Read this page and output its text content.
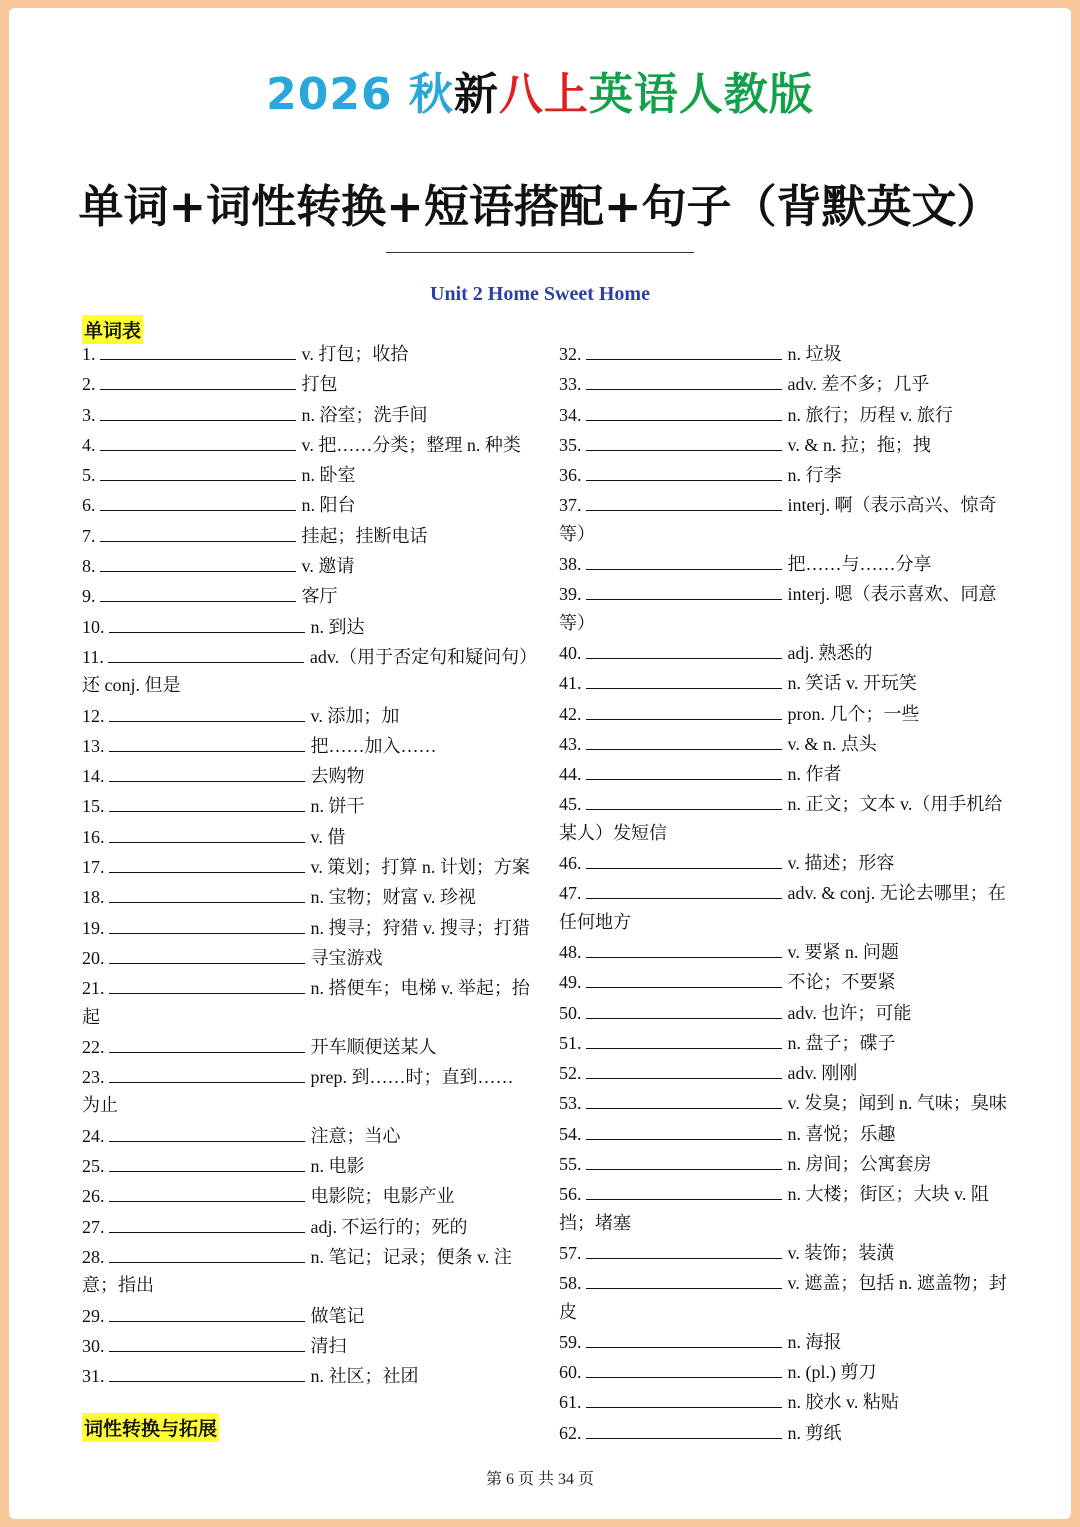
2026 秋新八上英语人教版
单词+词性转换+短语搭配+句子（背默英文）
Unit 2 Home Sweet Home
单词表

1.	v. 打包；收拾

2.	打包

3.	n. 浴室；洗手间

4.	v. 把……分类；整理 n. 种类

5.	n. 卧室

6.	n. 阳台

7.	挂起；挂断电话

8.	v. 邀请

9.	客厅

10.	n. 到达

11.	adv.（用于否定句和疑问句）还 conj. 但是

12.	v. 添加；加

13.	把……加入……

14.	去购物

15.	n. 饼干

16.	v. 借

17.	v. 策划；打算 n. 计划；方案

18.	n. 宝物；财富 v. 珍视

19.	n. 搜寻；狩猎 v. 搜寻；打猎

20.	寻宝游戏

21.	n. 搭便车；电梯 v. 举起；抬起

22.	开车顺便送某人

23.	prep. 到……时；直到……为止

24.	注意；当心

25.	n. 电影

26.	电影院；电影产业

27.	adj. 不运行的；死的

28.	n. 笔记；记录；便条 v. 注意；指出

29.	做笔记

30.	清扫

31.	n. 社区；社团

32.	n. 垃圾

33.	adv. 差不多；几乎

34.	n. 旅行；历程 v. 旅行

35.	v. & n. 拉；拖；拽

36.	n. 行李

37.	interj. 啊（表示高兴、惊奇等）

38.	把……与……分享

39.	interj. 嗯（表示喜欢、同意等）

40.	adj. 熟悉的

41.	n. 笑话 v. 开玩笑

42.	pron. 几个；一些

43.	v. & n. 点头

44.	n. 作者

45.	n. 正文；文本 v.（用手机给某人）发短信

46.	v. 描述；形容

47.	adv. & conj. 无论去哪里；在任何地方

48.	v. 要紧 n. 问题

49.	不论；不要紧

50.	adv. 也许；可能

51.	n. 盘子；碟子

52.	adv. 刚刚

53.	v. 发臭；闻到 n. 气味；臭味

54.	n. 喜悦；乐趣

55.	n. 房间；公寓套房

56.	n. 大楼；街区；大块 v. 阻挡；堵塞

57.	v. 装饰；装潢

58.	v. 遮盖；包括 n. 遮盖物；封皮

59.	n. 海报

60.	n. (pl.) 剪刀

61.	n. 胶水 v. 粘贴

62.	n. 剪纸

词性转换与拓展
第 6 页 共 34 页
